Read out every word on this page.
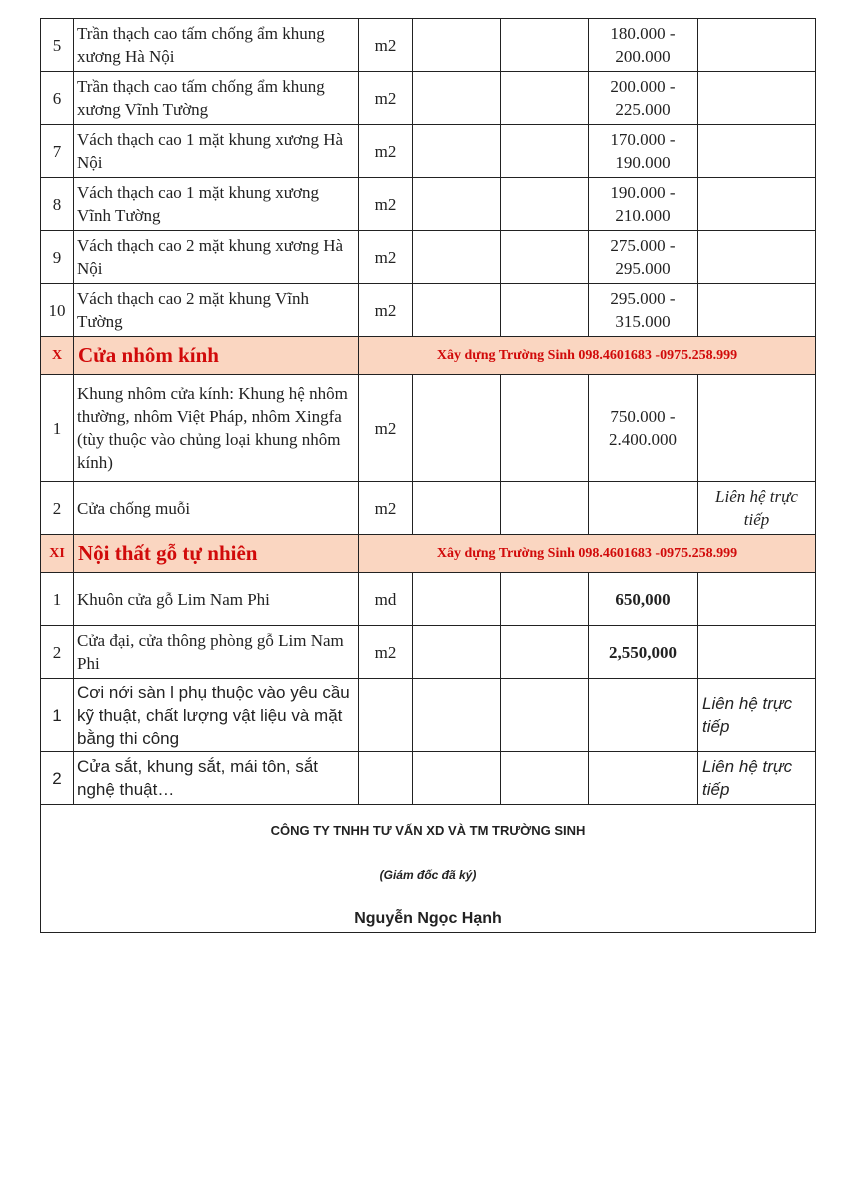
5	Trần thạch cao tấm chống ẩm khung xương Hà Nội	m2			180.000 - 200.000	
6	Trần thạch cao tấm chống ẩm khung xương Vĩnh Tường	m2			200.000 - 225.000	
7	Vách thạch cao 1 mặt khung xương Hà Nội	m2			170.000 - 190.000	
8	Vách thạch cao 1 mặt khung xương Vĩnh Tường	m2			190.000 - 210.000	
9	Vách thạch cao 2 mặt khung xương Hà Nội	m2			275.000 - 295.000	
10	Vách thạch cao 2 mặt khung Vĩnh Tường	m2			295.000 - 315.000	
X	Cửa nhôm kính	Xây dựng Trường Sinh 098.4601683 -0975.258.999				
1	Khung nhôm cửa kính: Khung hệ nhôm thường, nhôm Việt Pháp, nhôm Xingfa (tùy thuộc vào chủng loại khung nhôm kính)	m2			750.000 - 2.400.000	
2	Cửa chống muỗi	m2				Liên hệ trực tiếp
XI	Nội thất gỗ tự nhiên	Xây dựng Trường Sinh 098.4601683 -0975.258.999				
1	Khuôn cửa gỗ Lim Nam Phi	md			650,000	
2	Cửa đại, cửa thông phòng gỗ Lim Nam Phi	m2			2,550,000	
1	Cơi nới sàn l phụ thuộc vào yêu cầu kỹ thuật, chất lượng vật liệu và mặt bằng thi công					Liên hệ trực tiếp
2	Cửa sắt, khung sắt, mái tôn, sắt nghệ thuật…					Liên hệ trực tiếp

CÔNG TY TNHH TƯ VẤN XD VÀ TM TRƯỜNG SINH
(Giám đốc đã ký)
Nguyễn Ngọc Hạnh						
